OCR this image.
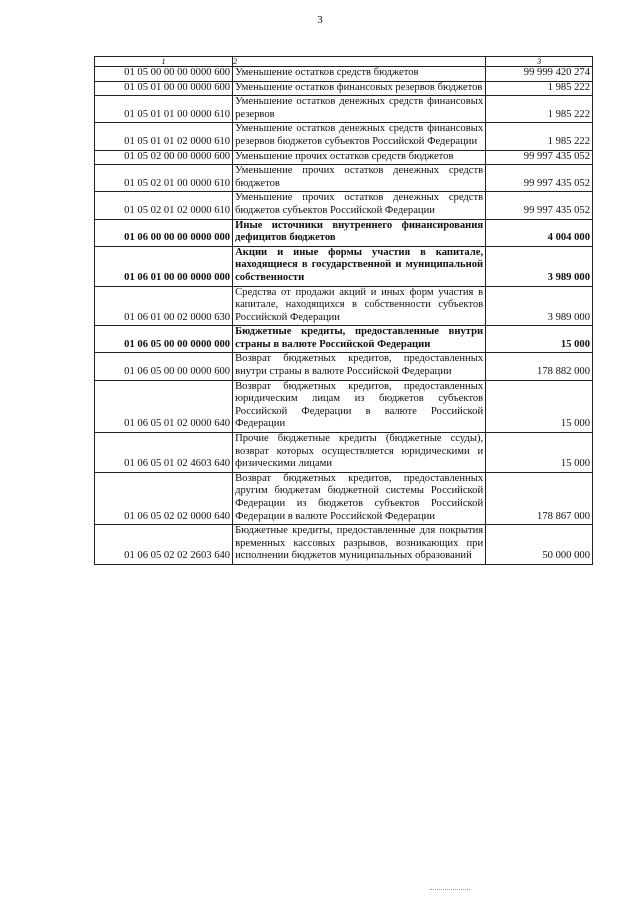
3
1	2	3
01 05 00 00 00 0000 600	Уменьшение остатков средств бюджетов	99 999 420 274
01 05 01 00 00 0000 600	Уменьшение остатков финансовых резервов бюджетов	1 985 222
01 05 01 01 00 0000 610	Уменьшение остатков денежных средств финансовых резервов	1 985 222
01 05 01 01 02 0000 610	Уменьшение остатков денежных средств финансовых резервов бюджетов субъектов Российской Федерации	1 985 222
01 05 02 00 00 0000 600	Уменьшение прочих остатков средств бюджетов	99 997 435 052
01 05 02 01 00 0000 610	Уменьшение прочих остатков денежных средств бюджетов	99 997 435 052
01 05 02 01 02 0000 610	Уменьшение прочих остатков денежных средств бюджетов субъектов Российской Федерации	99 997 435 052
01 06 00 00 00 0000 000	Иные источники внутреннего финансирования дефицитов бюджетов	4 004 000
01 06 01 00 00 0000 000	Акции и иные формы участия в капитале, находящиеся в государственной и муниципальной собственности	3 989 000
01 06 01 00 02 0000 630	Средства от продажи акций и иных форм участия в капитале, находящихся в собственности субъектов Российской Федерации	3 989 000
01 06 05 00 00 0000 000	Бюджетные кредиты, предоставленные внутри страны в валюте Российской Федерации	15 000
01 06 05 00 00 0000 600	Возврат бюджетных кредитов, предоставленных внутри страны в валюте Российской Федерации	178 882 000
01 06 05 01 02 0000 640	Возврат бюджетных кредитов, предоставленных юридическим лицам из бюджетов субъектов Российской Федерации в валюте Российской Федерации	15 000
01 06 05 01 02 4603 640	Прочие бюджетные кредиты (бюджетные ссуды), возврат которых осуществляется юридическими и физическими лицами	15 000
01 06 05 02 02 0000 640	Возврат бюджетных кредитов, предоставленных другим бюджетам бюджетной системы Российской Федерации из бюджетов субъектов Российской Федерации в валюте Российской Федерации	178 867 000
01 06 05 02 02 2603 640	Бюджетные кредиты, предоставленные для покрытия временных кассовых разрывов, возникающих при исполнении бюджетов муниципальных образований	50 000 000
